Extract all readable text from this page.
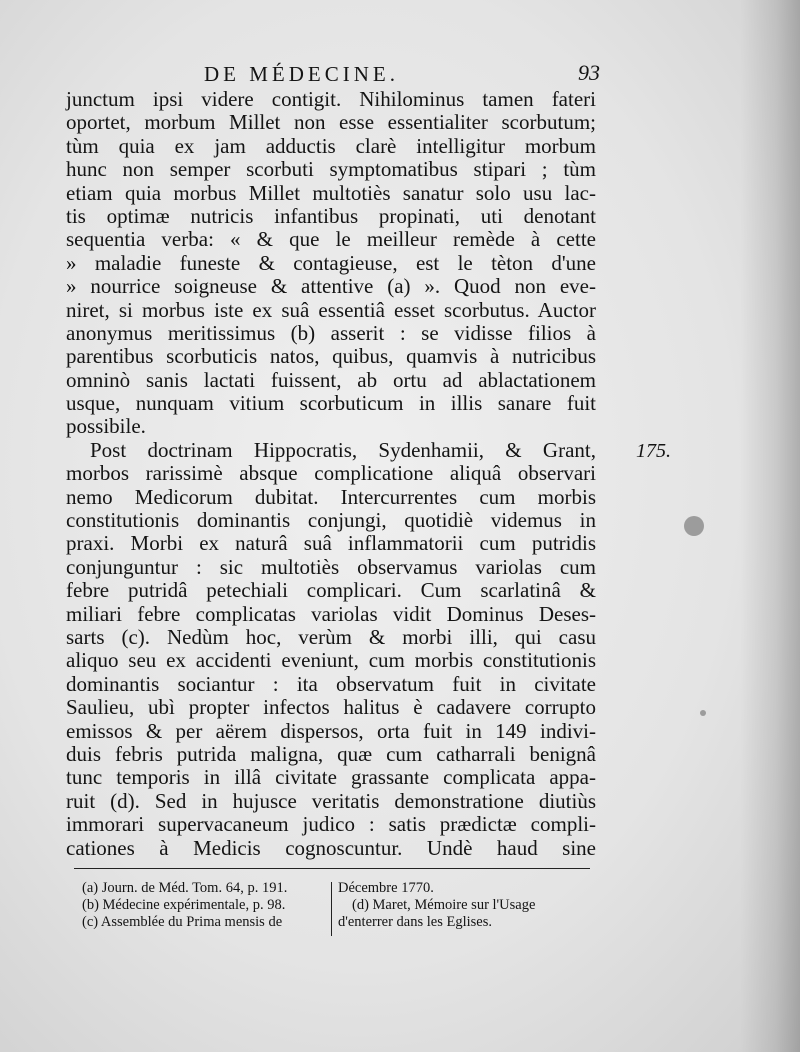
DE MÉDECINE.	93
175.
junctum ipsi videre contigit. Nihilominus tamen fateri
oportet, morbum Millet non esse essentialiter scorbutum;
tùm quia ex jam adductis clarè intelligitur morbum
hunc non semper scorbuti symptomatibus stipari ; tùm
etiam quia morbus Millet multotiès sanatur solo usu lac-
tis optimæ nutricis infantibus propinati, uti denotant
sequentia verba: « & que le meilleur remède à cette
» maladie funeste & contagieuse, est le tèton d'une
» nourrice soigneuse & attentive (a) ». Quod non eve-
niret, si morbus iste ex suâ essentiâ esset scorbutus. Auctor
anonymus meritissimus (b) asserit : se vidisse filios à
parentibus scorbuticis natos, quibus, quamvis à nutricibus
omninò sanis lactati fuissent, ab ortu ad ablactationem
usque, nunquam vitium scorbuticum in illis sanare fuit
possibile.
Post doctrinam Hippocratis, Sydenhamii, & Grant,
morbos rarissimè absque complicatione aliquâ observari
nemo Medicorum dubitat. Intercurrentes cum morbis
constitutionis dominantis conjungi, quotidiè videmus in
praxi. Morbi ex naturâ suâ inflammatorii cum putridis
conjunguntur : sic multotiès observamus variolas cum
febre putridâ petechiali complicari. Cum scarlatinâ &
miliari febre complicatas variolas vidit Dominus Deses-
sarts (c). Nedùm hoc, verùm & morbi illi, qui casu
aliquo seu ex accidenti eveniunt, cum morbis constitutionis
dominantis sociantur : ita observatum fuit in civitate
Saulieu, ubì propter infectos halitus è cadavere corrupto
emissos & per aërem dispersos, orta fuit in 149 indivi-
duis febris putrida maligna, quæ cum catharrali benignâ
tunc temporis in illâ civitate grassante complicata appa-
ruit (d). Sed in hujusce veritatis demonstratione diutiùs
immorari supervacaneum judico : satis prædictæ compli-
cationes à Medicis cognoscuntur. Undè haud sine
(a) Journ. de Méd. Tom. 64, p. 191.
(b) Médecine expérimentale, p. 98.
(c) Assemblée du Prima mensis de
Décembre 1770.
(d) Maret, Mémoire sur l'Usage
d'enterrer dans les Eglises.
